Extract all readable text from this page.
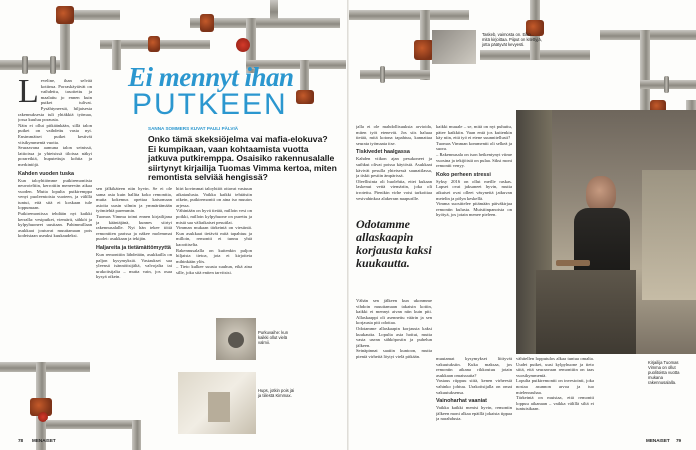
Ei mennyt ihan
PUTKEEN
SANNA SOMMERS KUVAT PAULI PÄLVIÄ
Onko tämä skeksiöjelma vai mafia-elokuva? Ei kumpikaan, vaan kohtaamista vuotta jatkuva putkiremppa. Osaisiko rakennusalalle siirtynyt kirjailija Tuomas Vimma kertoa, miten remontista selviää hengissä?
L eveline, ihan selvää kotiinsa. Porraskäytävät on vaihdettu, tasoitettu ja maalattu jo ennen kuin putket tulivat. Pysähtyneestä, hiljaisesta rakennuksesta tuli yhtäkkiä työmaa, jossa kuuluu porausta.

Näin ei ollut pitkäänkään, sillä talon putket on vaihdettu vasta nyt. Ensimmäiset putket kestivät viisikymmentä vuotta.

Seuraavana aamuna talon seinissä, lattioissa ja yhteisissä tiloissa näkyi porareikiä, huputettuja kohtia ja merkintöjä.

Kahden vuoden tuska

Kun taloyhtiömme putkiremontista neuvoteltiin, kerrottiin meneevän aikaa vuoden. Mutta lopulta putkiremppa venyi puoleentoista vuoteen, ja välillä tuntui, että sitä ei koskaan tule loppumaan.

Putkiremontissa tehdään nyt kaikki kerralla: vesiputket, viemärit, sähköt ja kylpyhuoneet uusitaan. Pahimmillaan asukkaat joutuvat muuttamaan pois kodeistaan useaksi kuukaudeksi.

sen jälkikäteen niin hyvin. Se ei ole sama asia kuin hallita koko remonttia, mutta kokemus opettaa katsomaan asioita uusin silmin ja ymmärtämään työmiehiä paremmin.

Tuomas Vimma toimi ennen kirjailijana ja kääntäjänä, kunnes siirtyi rakennusalalle. Nyt hän tekee töitä remonttien parissa ja näkee molemmat puolet: asukkaan ja tekijän.

Haljareita ja tietämättömyyttä

Kun remonttiin lähdetään, asukkailla on paljon kysymyksiä. Vastaukset saa yleensä isännöitsijältä, valvojalta tai urakoitsijalta – mutta vain, jos osaa kysyä oikein.

hiirt kovimmat taloyhtiöt ottavat vastuun aikataulusta. Vaikka kaikki tehtäisiin oikein, putkiremontti on aina iso muutos arjessa.

Vähintään on hyvä tietää, milloin vesi on poikki, milloin kylpyhuone on purettu ja mistä saa väliaikaiset pesutilat.

Vimman mukaan tärkeintä on viestintä. Kun asukkaat tietävät mitä tapahtuu ja milloin, remontti ei tunnu yhtä kaoottiselta.

Rakennusalalla on kuitenkin paljon hiljaista tietoa, jota ei kirjoiteta mihinkään ylös.

– Tieto kulkee suusta suuhun, eikä aina sille, joka sitä eniten tarvitsisi.

Purkuvaihe: kun kaikki ollut vielä valmii.
Hups, jotkin pois jäi ja tiilestä Kimmax.

jalla ei ole mahdollisuuksia arvioida, miten työt etenevät. Jos siis haluaa tietää, mitä kotona tapahtuu, kannattaa seurata työmaata itse.

Tiskivedet haalgassa

Kahden viikon ajan pesukoneet ja suihkut olivat poissa käytöstä. Asukkaat kävivät pesulla yhteisessä saunatilassa, ja tiskit pestiin ämpärissä.

Oleellisinta oli huolehtia, ettei kukaan laskenut vettä viemäriin, joka oli irrotettu. Pienikin virhe voisi tarkoittaa vesivahinkoa alakerran naapurille.

Odotamme allaskaapin korjausta kaksi kuukautta.

Vähän sen jälkeen kun ukonmme vihdoin muuttamaan takaisin kotiin, kaikki ei mennyt aivan niin kuin piti. Allaskaappi oli asennettu väärin ja sen korjausta piti odottaa.

Odotamme allaskaapin korjausta kaksi kuukautta. Lopulta asia hoitui, mutta vasta usean sähköpostin ja puhelun jälkeen.

Seinäpinnat saatiin kuntoon, mutta pieniä virheitä löytyi vielä pitkään.

kaikki muuale – se, mitä on nyt puhuttu, pätee kaikkiin. Vaan entä jos kuitenkin käy niin, että työ ei etene suunnitellusti?

Tuomas Vimman kommentti oli selkeä ja suora.

– Rakennusala on ison heikentynyt viime vuosina ja tekijöistä on pulaa. Siksi moni remontti venyy.

Koko perheen stressi

Syksy 2016 on ollut meille raskas. Lapset ovat jaksaneet hyvin, mutta aikuiset ovat olleet väsyneitä jatkuvan metelin ja pölyn keskellä.

Vimma suosittelee pitämään päiväkirjaa remontin kulusta. Muistiinpanoista on hyötyä, jos jotain menee pieleen.

muutamat kysymykset liittyvät vakuutuksiin. Kuka maksaa, jos remontin aikana rikkoutuu jotain asukkaan omaisuutta?

Vastaus riippuu siitä, kenen virheestä vahinko johtuu. Urakoitsijalla on omat vakuutuksensa.

Vainoharhat vaaniat

Vaikka kaikki menisi hyvin, remontin jälkeen moni alkaa epäillä jokaista tippaa ja narahdusta.

vähitellen lopputulos alkaa tuntua omalta. Uudet putket, uusi kylpyhuone ja tieto siitä, että seuraavaan remonttiin on taas vuosikymmeniä.

Lopulta putkiremontti on investointi, joka nostaa asunnon arvoa ja tuo mielenrauhaa.

Tärkeintä on muistaa, että remontti loppuu aikanaan – vaikka välillä siltä ei tuntuisikaan.

Taskeb, vaimosta on. Eiko... mitä kirjoittaa. Piiput on kitettyjä, jotta päätyvät kevyesti.
Kirjailija Tuomas Vimma on ollut puolitoista vuotta mukana rakennusalalla.
78 MENAISET	MENAISET 79
